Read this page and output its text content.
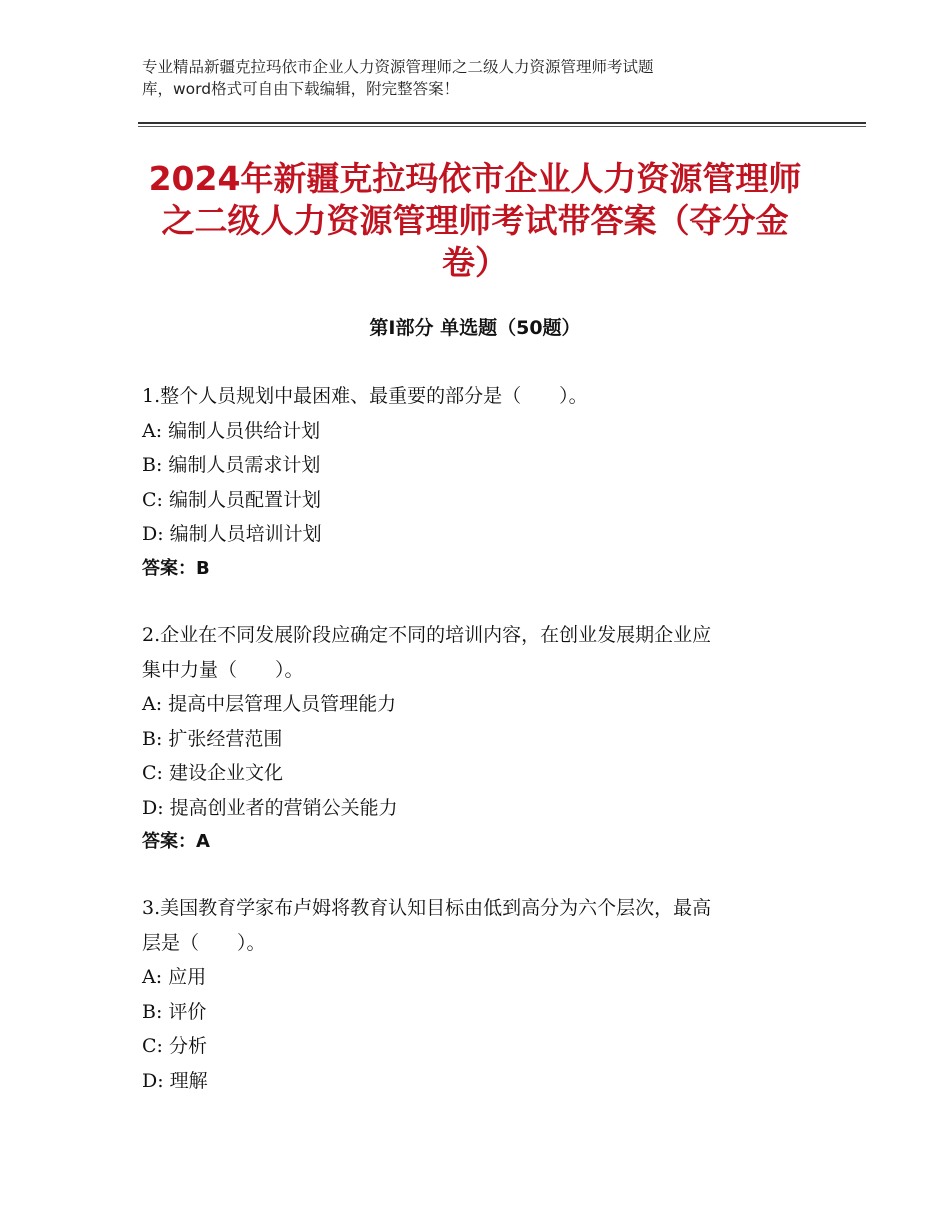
专业精品新疆克拉玛依市企业人力资源管理师之二级人力资源管理师考试题
库，word格式可自由下载编辑，附完整答案！
2024年新疆克拉玛依市企业人力资源管理师
之二级人力资源管理师考试带答案（夺分金
卷）
第Ⅰ部分 单选题（50题）

1.整个人员规划中最困难、最重要的部分是（　　）。

A: 编制人员供给计划

B: 编制人员需求计划

C: 编制人员配置计划

D: 编制人员培训计划

答案：B

2.企业在不同发展阶段应确定不同的培训内容，在创业发展期企业应

集中力量（　　）。

A: 提高中层管理人员管理能力

B: 扩张经营范围

C: 建设企业文化

D: 提高创业者的营销公关能力

答案：A

3.美国教育学家布卢姆将教育认知目标由低到高分为六个层次，最高

层是（　　）。

A: 应用

B: 评价

C: 分析

D: 理解
